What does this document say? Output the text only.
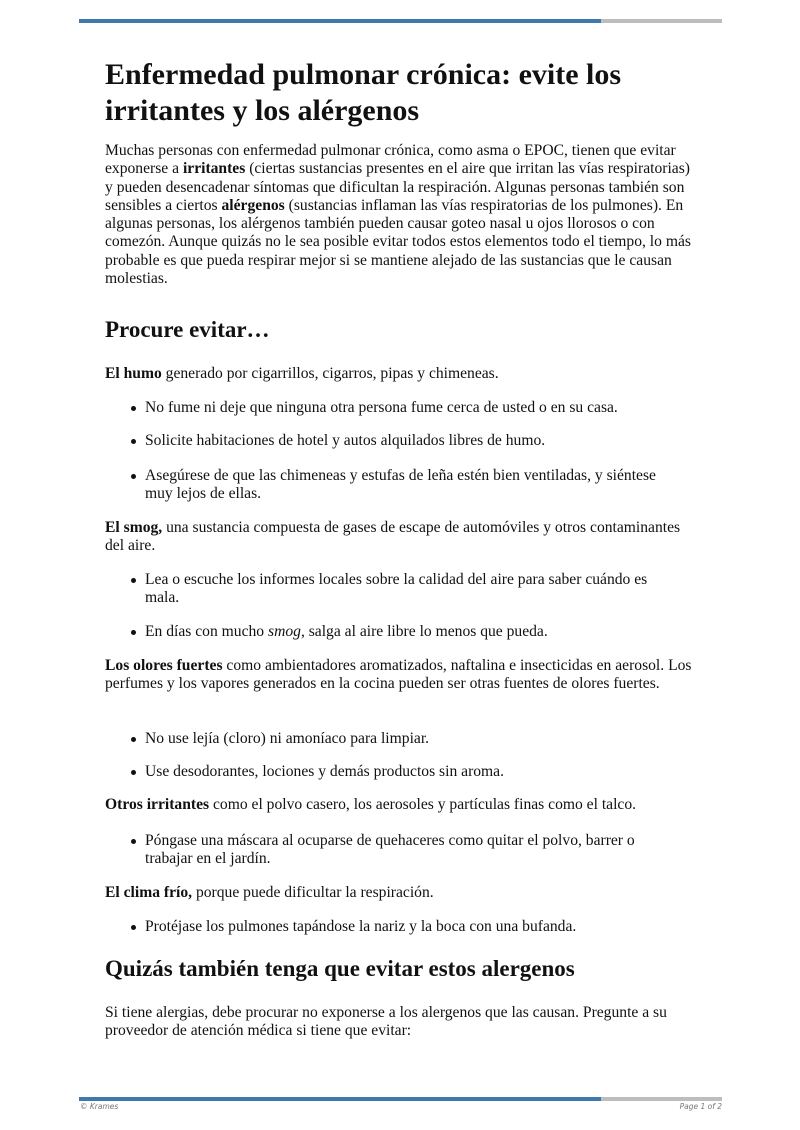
Enfermedad pulmonar crónica: evite los irritantes y los alérgenos

Muchas personas con enfermedad pulmonar crónica, como asma o EPOC, tienen que evitar exponerse a irritantes (ciertas sustancias presentes en el aire que irritan las vías respiratorias) y pueden desencadenar síntomas que dificultan la respiración. Algunas personas también son sensibles a ciertos alérgenos (sustancias inflaman las vías respiratorias de los pulmones). En algunas personas, los alérgenos también pueden causar goteo nasal u ojos llorosos o con comezón. Aunque quizás no le sea posible evitar todos estos elementos todo el tiempo, lo más probable es que pueda respirar mejor si se mantiene alejado de las sustancias que le causan molestias.

Procure evitar…

El humo generado por cigarrillos, cigarros, pipas y chimeneas.

No fume ni deje que ninguna otra persona fume cerca de usted o en su casa.
Solicite habitaciones de hotel y autos alquilados libres de humo.
Asegúrese de que las chimeneas y estufas de leña estén bien ventiladas, y siéntese muy lejos de ellas.

El smog, una sustancia compuesta de gases de escape de automóviles y otros contaminantes del aire.

Lea o escuche los informes locales sobre la calidad del aire para saber cuándo es mala.
En días con mucho smog, salga al aire libre lo menos que pueda.

Los olores fuertes como ambientadores aromatizados, naftalina e insecticidas en aerosol. Los perfumes y los vapores generados en la cocina pueden ser otras fuentes de olores fuertes.

No use lejía (cloro) ni amoníaco para limpiar.
Use desodorantes, lociones y demás productos sin aroma.

Otros irritantes como el polvo casero, los aerosoles y partículas finas como el talco.

Póngase una máscara al ocuparse de quehaceres como quitar el polvo, barrer o trabajar en el jardín.

El clima frío, porque puede dificultar la respiración.

Protéjase los pulmones tapándose la nariz y la boca con una bufanda.
Quizás también tenga que evitar estos alergenos

Si tiene alergias, debe procurar no exponerse a los alergenos que las causan. Pregunte a su proveedor de atención médica si tiene que evitar:

© Krames	Page 1 of 2
